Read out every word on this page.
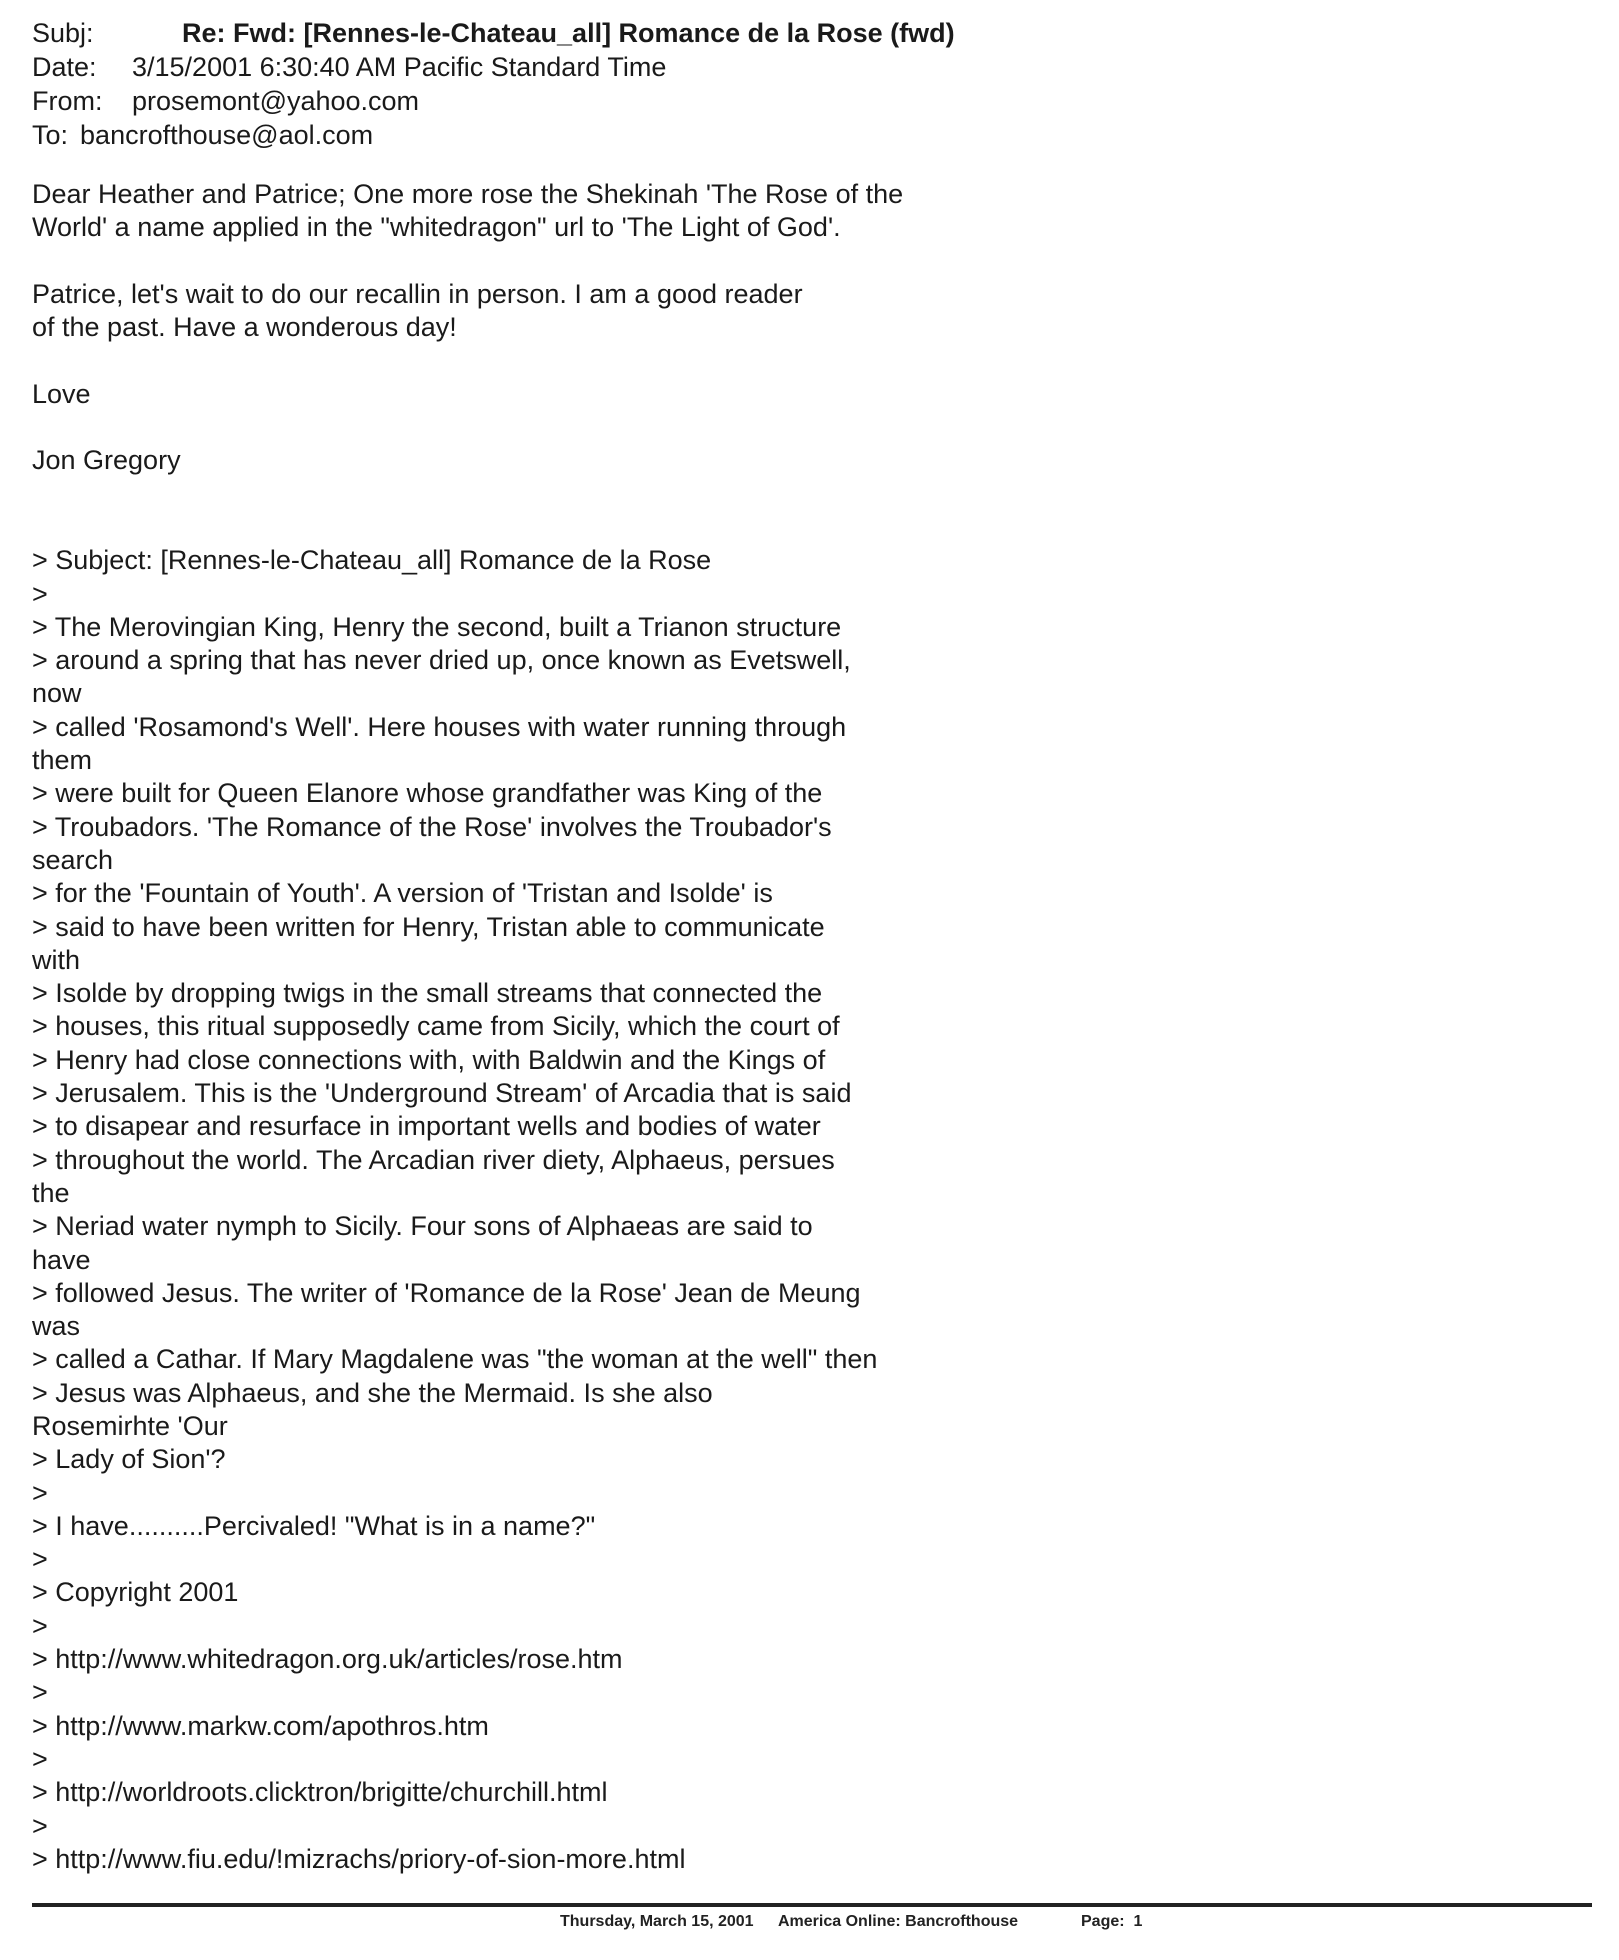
Subj:	Re: Fwd: [Rennes-le-Chateau_all] Romance de la Rose (fwd)
Date:	3/15/2001 6:30:40 AM Pacific Standard Time
From:	prosemont@yahoo.com
To: bancrofthouse@aol.com
Dear Heather and Patrice; One more rose the Shekinah 'The Rose of the
World' a name applied in the "whitedragon" url to 'The Light of God'.
Patrice, let's wait to do our recallin in person. I am a good reader
of the past. Have a wonderous day!
Love
Jon Gregory
> Subject: [Rennes-le-Chateau_all] Romance de la Rose
>
> The Merovingian King, Henry the second, built a Trianon structure
> around a spring that has never dried up, once known as Evetswell,
now
> called 'Rosamond's Well'. Here houses with water running through
them
> were built for Queen Elanore whose grandfather was King of the
> Troubadors. 'The Romance of the Rose' involves the Troubador's
search
> for the 'Fountain of Youth'. A version of 'Tristan and Isolde' is
> said to have been written for Henry, Tristan able to communicate
with
> Isolde by dropping twigs in the small streams that connected the
> houses, this ritual supposedly came from Sicily, which the court of
> Henry had close connections with, with Baldwin and the Kings of
> Jerusalem. This is the 'Underground Stream' of Arcadia that is said
> to disapear and resurface in important wells and bodies of water
> throughout the world. The Arcadian river diety, Alphaeus, persues
the
> Neriad water nymph to Sicily. Four sons of Alphaeas are said to
have
> followed Jesus. The writer of 'Romance de la Rose' Jean de Meung
was
> called a Cathar. If Mary Magdalene was "the woman at the well" then
> Jesus was Alphaeus, and she the Mermaid. Is she also
Rosemirhte 'Our
> Lady of Sion'?
>
> I have..........Percivaled! "What is in a name?"
>
> Copyright 2001
>
> http://www.whitedragon.org.uk/articles/rose.htm
>
> http://www.markw.com/apothros.htm
>
> http://worldroots.clicktron/brigitte/churchill.html
>
> http://www.fiu.edu/!mizrachs/priory-of-sion-more.html
Thursday, March 15, 2001 America Online: Bancrofthouse	Page:  1
